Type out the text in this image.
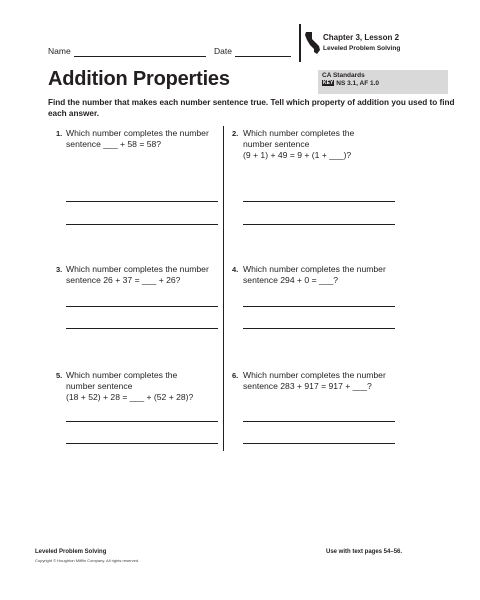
Name	Date
Chapter 3, Lesson 2
Leveled Problem Solving
Addition Properties	CA Standards
KEY NS 3.1, AF 1.0
Find the number that makes each number sentence true. Tell which property of addition you used to find each answer.
1. Which number completes the number
sentence ___ + 58 = 58?
2. Which number completes the
number sentence
(9 + 1) + 49 = 9 + (1 + ___)?
3. Which number completes the number
sentence 26 + 37 = ___ + 26?
4. Which number completes the number
sentence 294 + 0 = ___?
5. Which number completes the
number sentence
(18 + 52) + 28 = ___ + (52 + 28)?
6. Which number completes the number
sentence 283 + 917 = 917 + ___?
Leveled Problem Solving
Copyright © Houghton Mifflin Company. All rights reserved.
Use with text pages 54–56.
